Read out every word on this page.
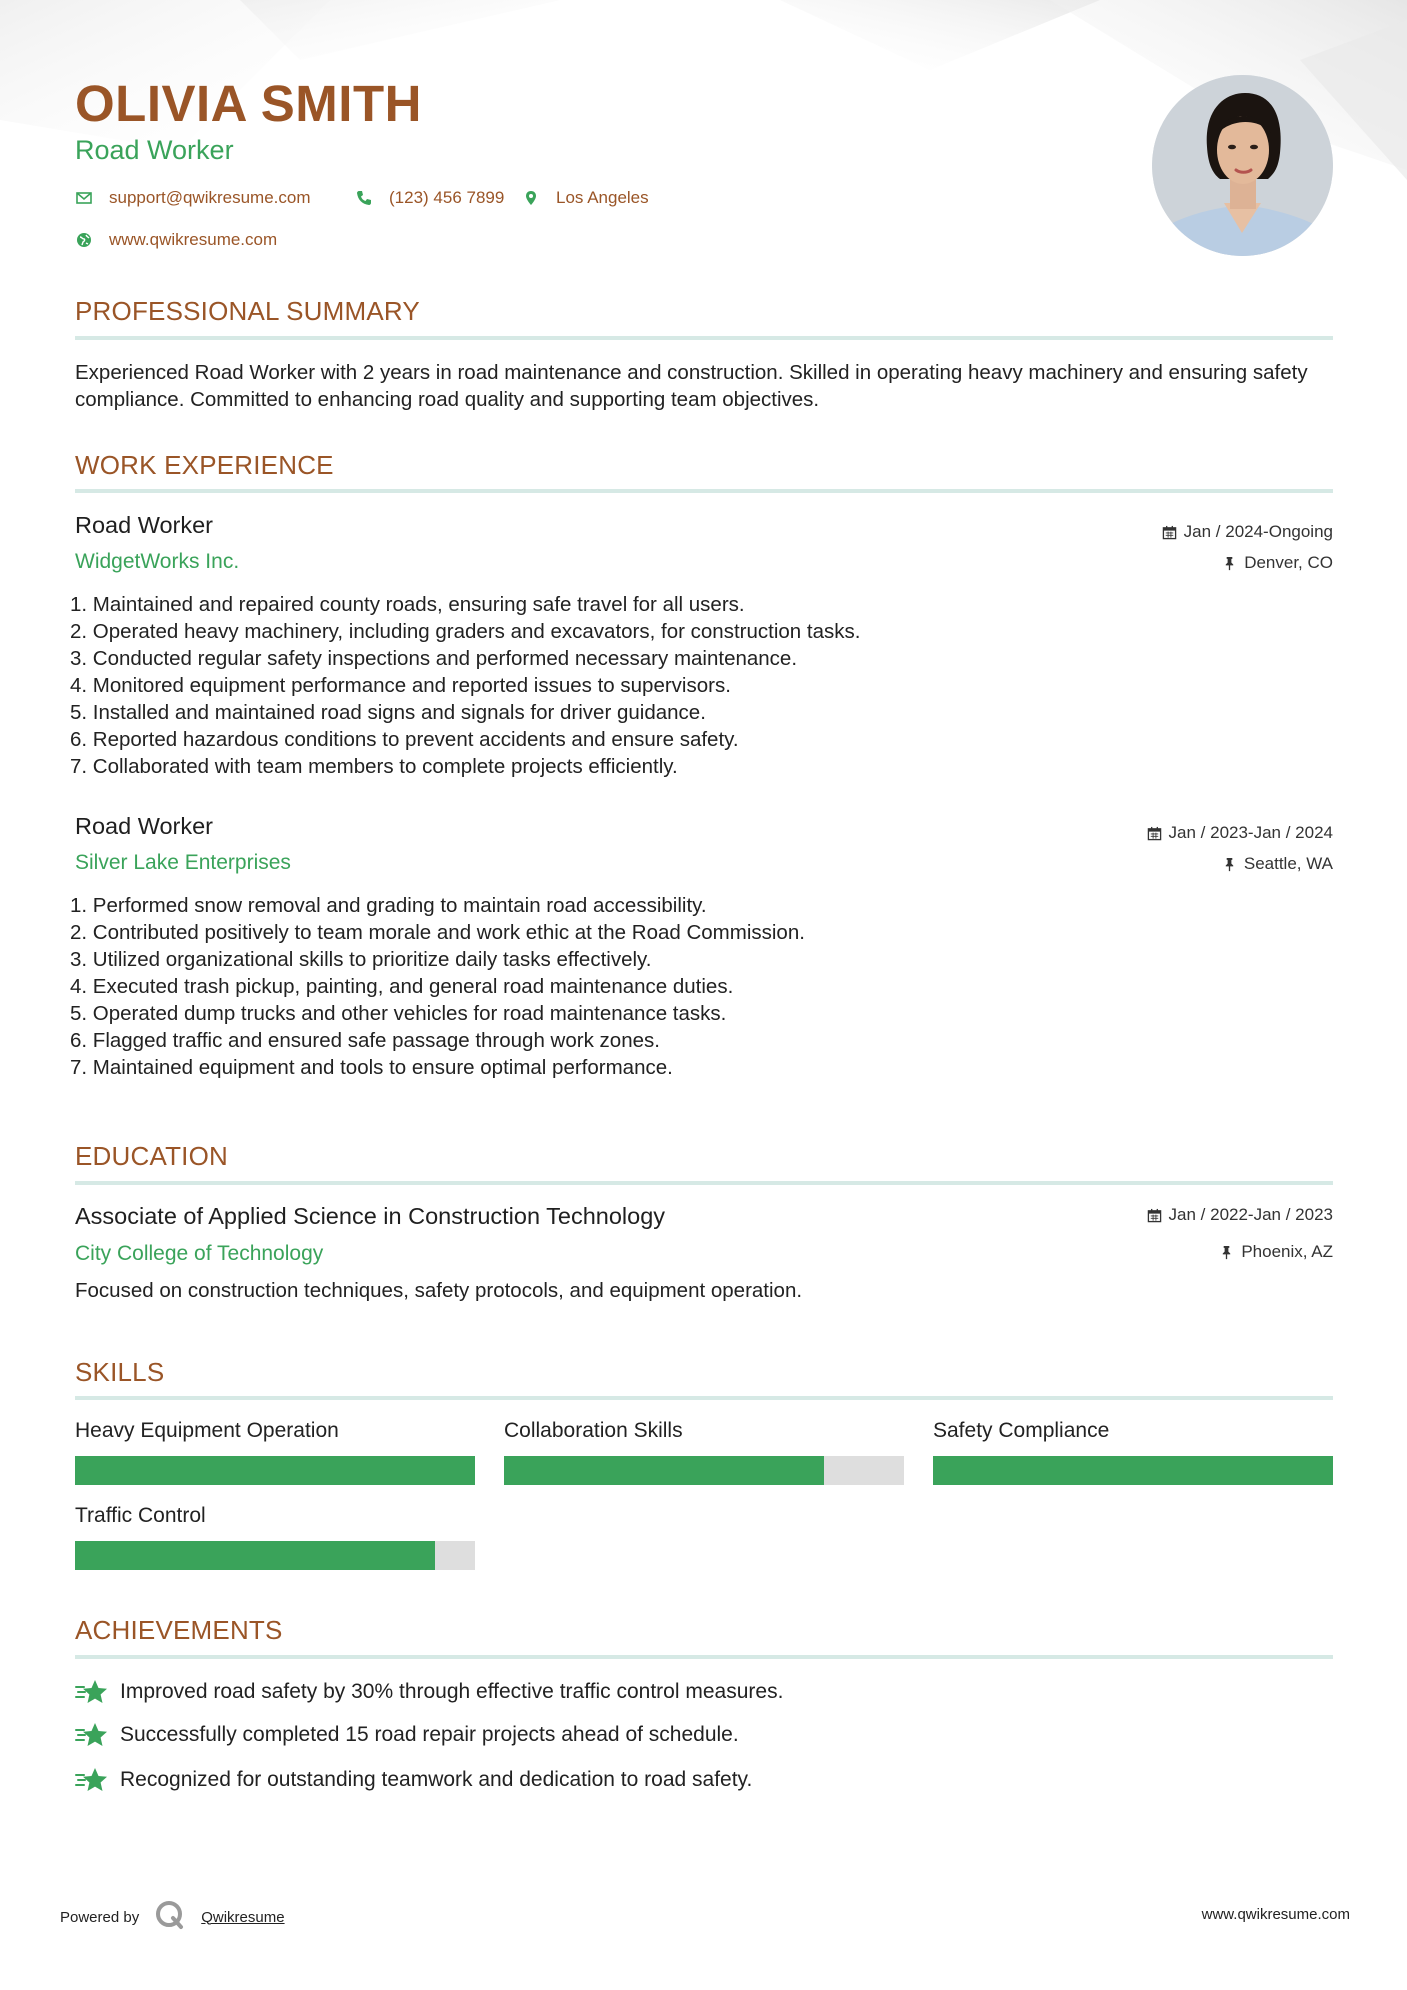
OLIVIA SMITH
Road Worker
support@qwikresume.com	(123) 456 7899	Los Angeles
www.qwikresume.com
PROFESSIONAL SUMMARY
Experienced Road Worker with 2 years in road maintenance and construction. Skilled in operating heavy machinery and ensuring safety compliance. Committed to enhancing road quality and supporting team objectives.
WORK EXPERIENCE
Road Worker
WidgetWorks Inc.
Jan / 2024-Ongoing
Denver, CO
1. Maintained and repaired county roads, ensuring safe travel for all users.
2. Operated heavy machinery, including graders and excavators, for construction tasks.
3. Conducted regular safety inspections and performed necessary maintenance.
4. Monitored equipment performance and reported issues to supervisors.
5. Installed and maintained road signs and signals for driver guidance.
6. Reported hazardous conditions to prevent accidents and ensure safety.
7. Collaborated with team members to complete projects efficiently.
Road Worker
Silver Lake Enterprises
Jan / 2023-Jan / 2024
Seattle, WA
1. Performed snow removal and grading to maintain road accessibility.
2. Contributed positively to team morale and work ethic at the Road Commission.
3. Utilized organizational skills to prioritize daily tasks effectively.
4. Executed trash pickup, painting, and general road maintenance duties.
5. Operated dump trucks and other vehicles for road maintenance tasks.
6. Flagged traffic and ensured safe passage through work zones.
7. Maintained equipment and tools to ensure optimal performance.
EDUCATION
Associate of Applied Science in Construction Technology
City College of Technology
Jan / 2022-Jan / 2023
Phoenix, AZ
Focused on construction techniques, safety protocols, and equipment operation.
SKILLS
Heavy Equipment Operation	Collaboration Skills	Safety Compliance
Traffic Control
ACHIEVEMENTS
Improved road safety by 30% through effective traffic control measures.
Successfully completed 15 road repair projects ahead of schedule.
Recognized for outstanding teamwork and dedication to road safety.
Powered by	Qwikresume	www.qwikresume.com
